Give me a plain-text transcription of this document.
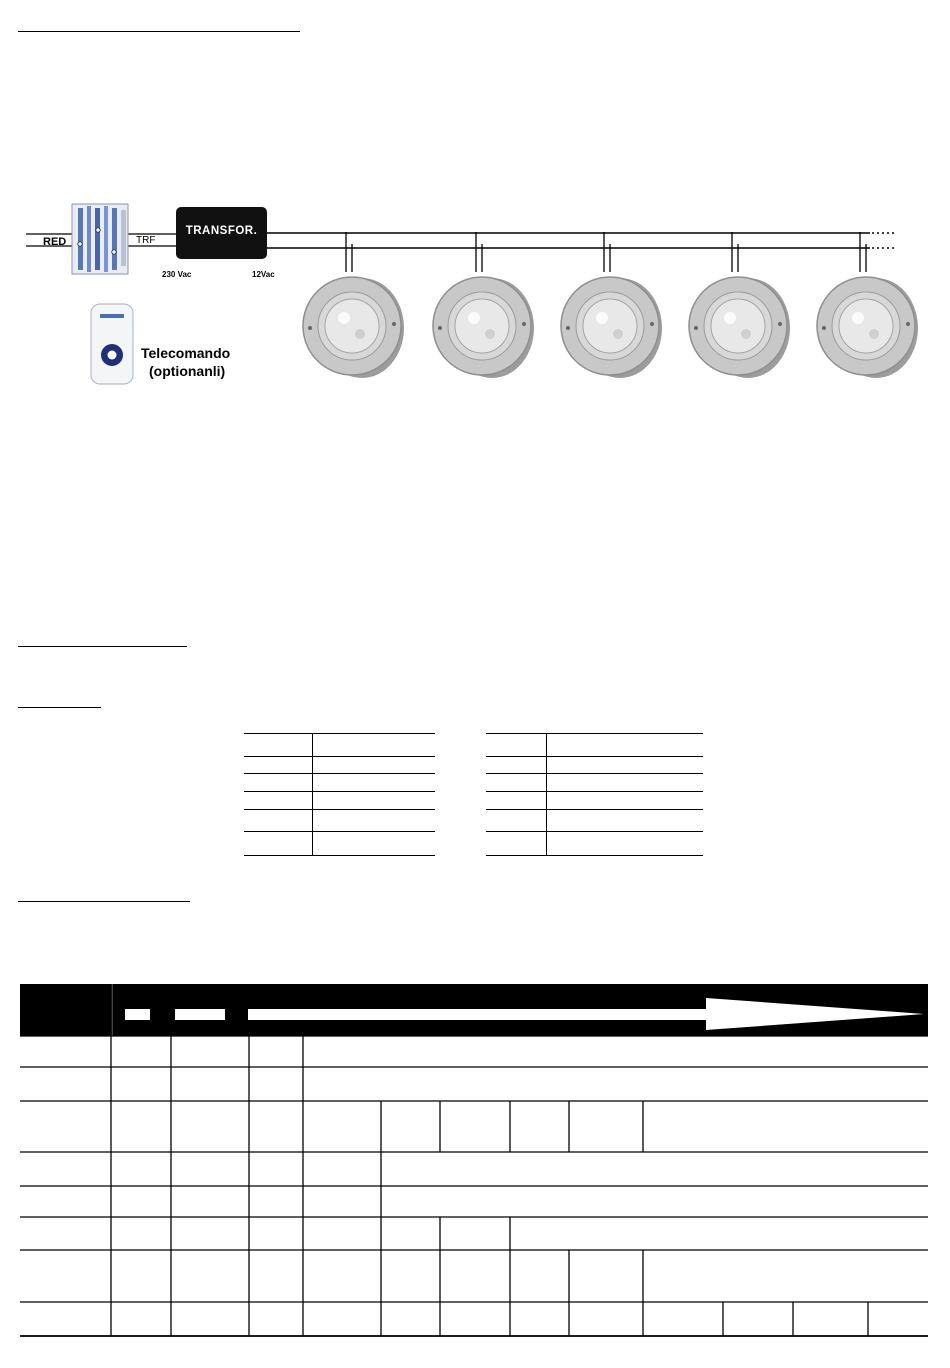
RED	TRF
TRANSFOR.
230 Vac	12Vac
Telecomando
(optionanli)
